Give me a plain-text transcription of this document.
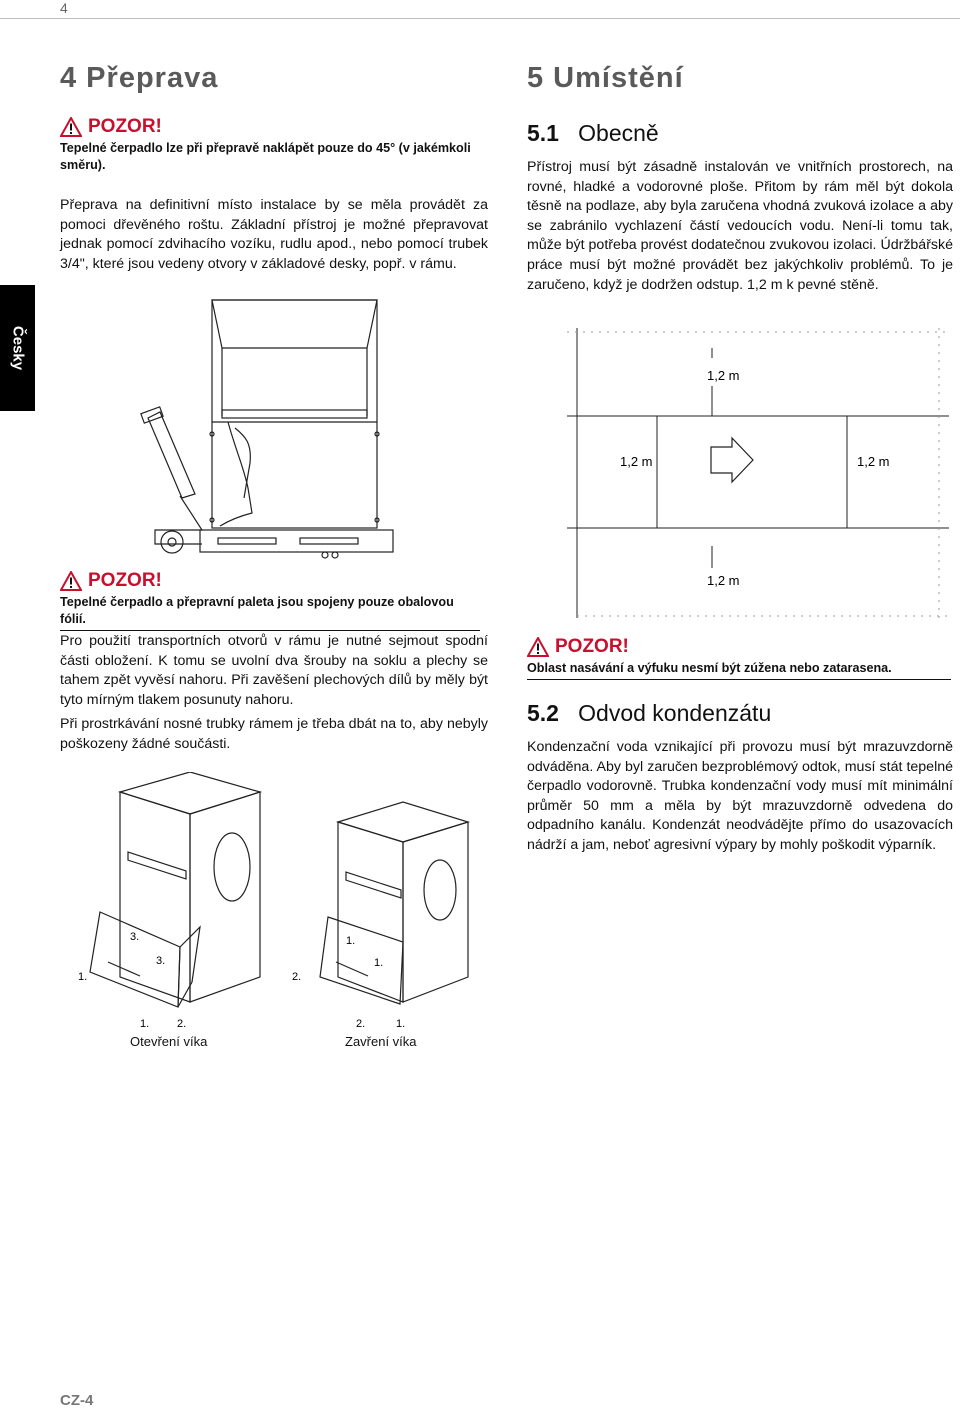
4
Česky
4 Přeprava
POZOR!

Tepelné čerpadlo lze při přepravě naklápět pouze do 45° (v jakémkoli směru).

Přeprava na definitivní místo instalace by se měla provádět za pomoci dřevěného roštu. Základní přístroj je možné přepravovat jednak pomocí zdvihacího vozíku, rudlu apod., nebo pomocí trubek 3/4", které jsou vedeny otvory v základové desky, popř. v rámu.

POZOR!

Tepelné čerpadlo a přepravní paleta jsou spojeny pouze obalovou fólií.

Pro použití transportních otvorů v rámu je nutné sejmout spodní části obložení. K tomu se uvolní dva šrouby na soklu a plechy se tahem zpět vyvěsí nahoru. Při zavěšení plechových dílů by měly být tyto mírným tlakem posunuty nahoru.

Při prostrkávání nosné trubky rámem je třeba dbát na to, aby nebyly poškozeny žádné součásti.

3.
3.
1.
1.	2.
Otevření víka
1.
1.
2.
2.	1.
Zavření víka
5 Umístění
5.1 Obecně

Přístroj musí být zásadně instalován ve vnitřních prostorech, na rovné, hladké a vodorovné ploše. Přitom by rám měl být dokola těsně na podlaze, aby byla zaručena vhodná zvuková izolace a aby se zabránilo vychlazení částí vedoucích vodu. Není-li tomu tak, může být potřeba provést dodatečnou zvukovou izolaci. Údržbářské práce musí být možné provádět bez jakýchkoliv problémů. To je zaručeno, když je dodržen odstup. 1,2 m k pevné stěně.

1,2 m
1,2 m	1,2 m
1,2 m
POZOR!

Oblast nasávání a výfuku nesmí být zúžena nebo zatarasena.

5.2 Odvod kondenzátu

Kondenzační voda vznikající při provozu musí být mrazuvzdorně odváděna. Aby byl zaručen bezproblémový odtok, musí stát tepelné čerpadlo vodorovně. Trubka kondenzační vody musí mít minimální průměr 50 mm a měla by být mrazuvzdorně odvedena do odpadního kanálu. Kondenzát neodvádějte přímo do usazovacích nádrží a jam, neboť agresivní výpary by mohly poškodit výparník.

CZ-4
